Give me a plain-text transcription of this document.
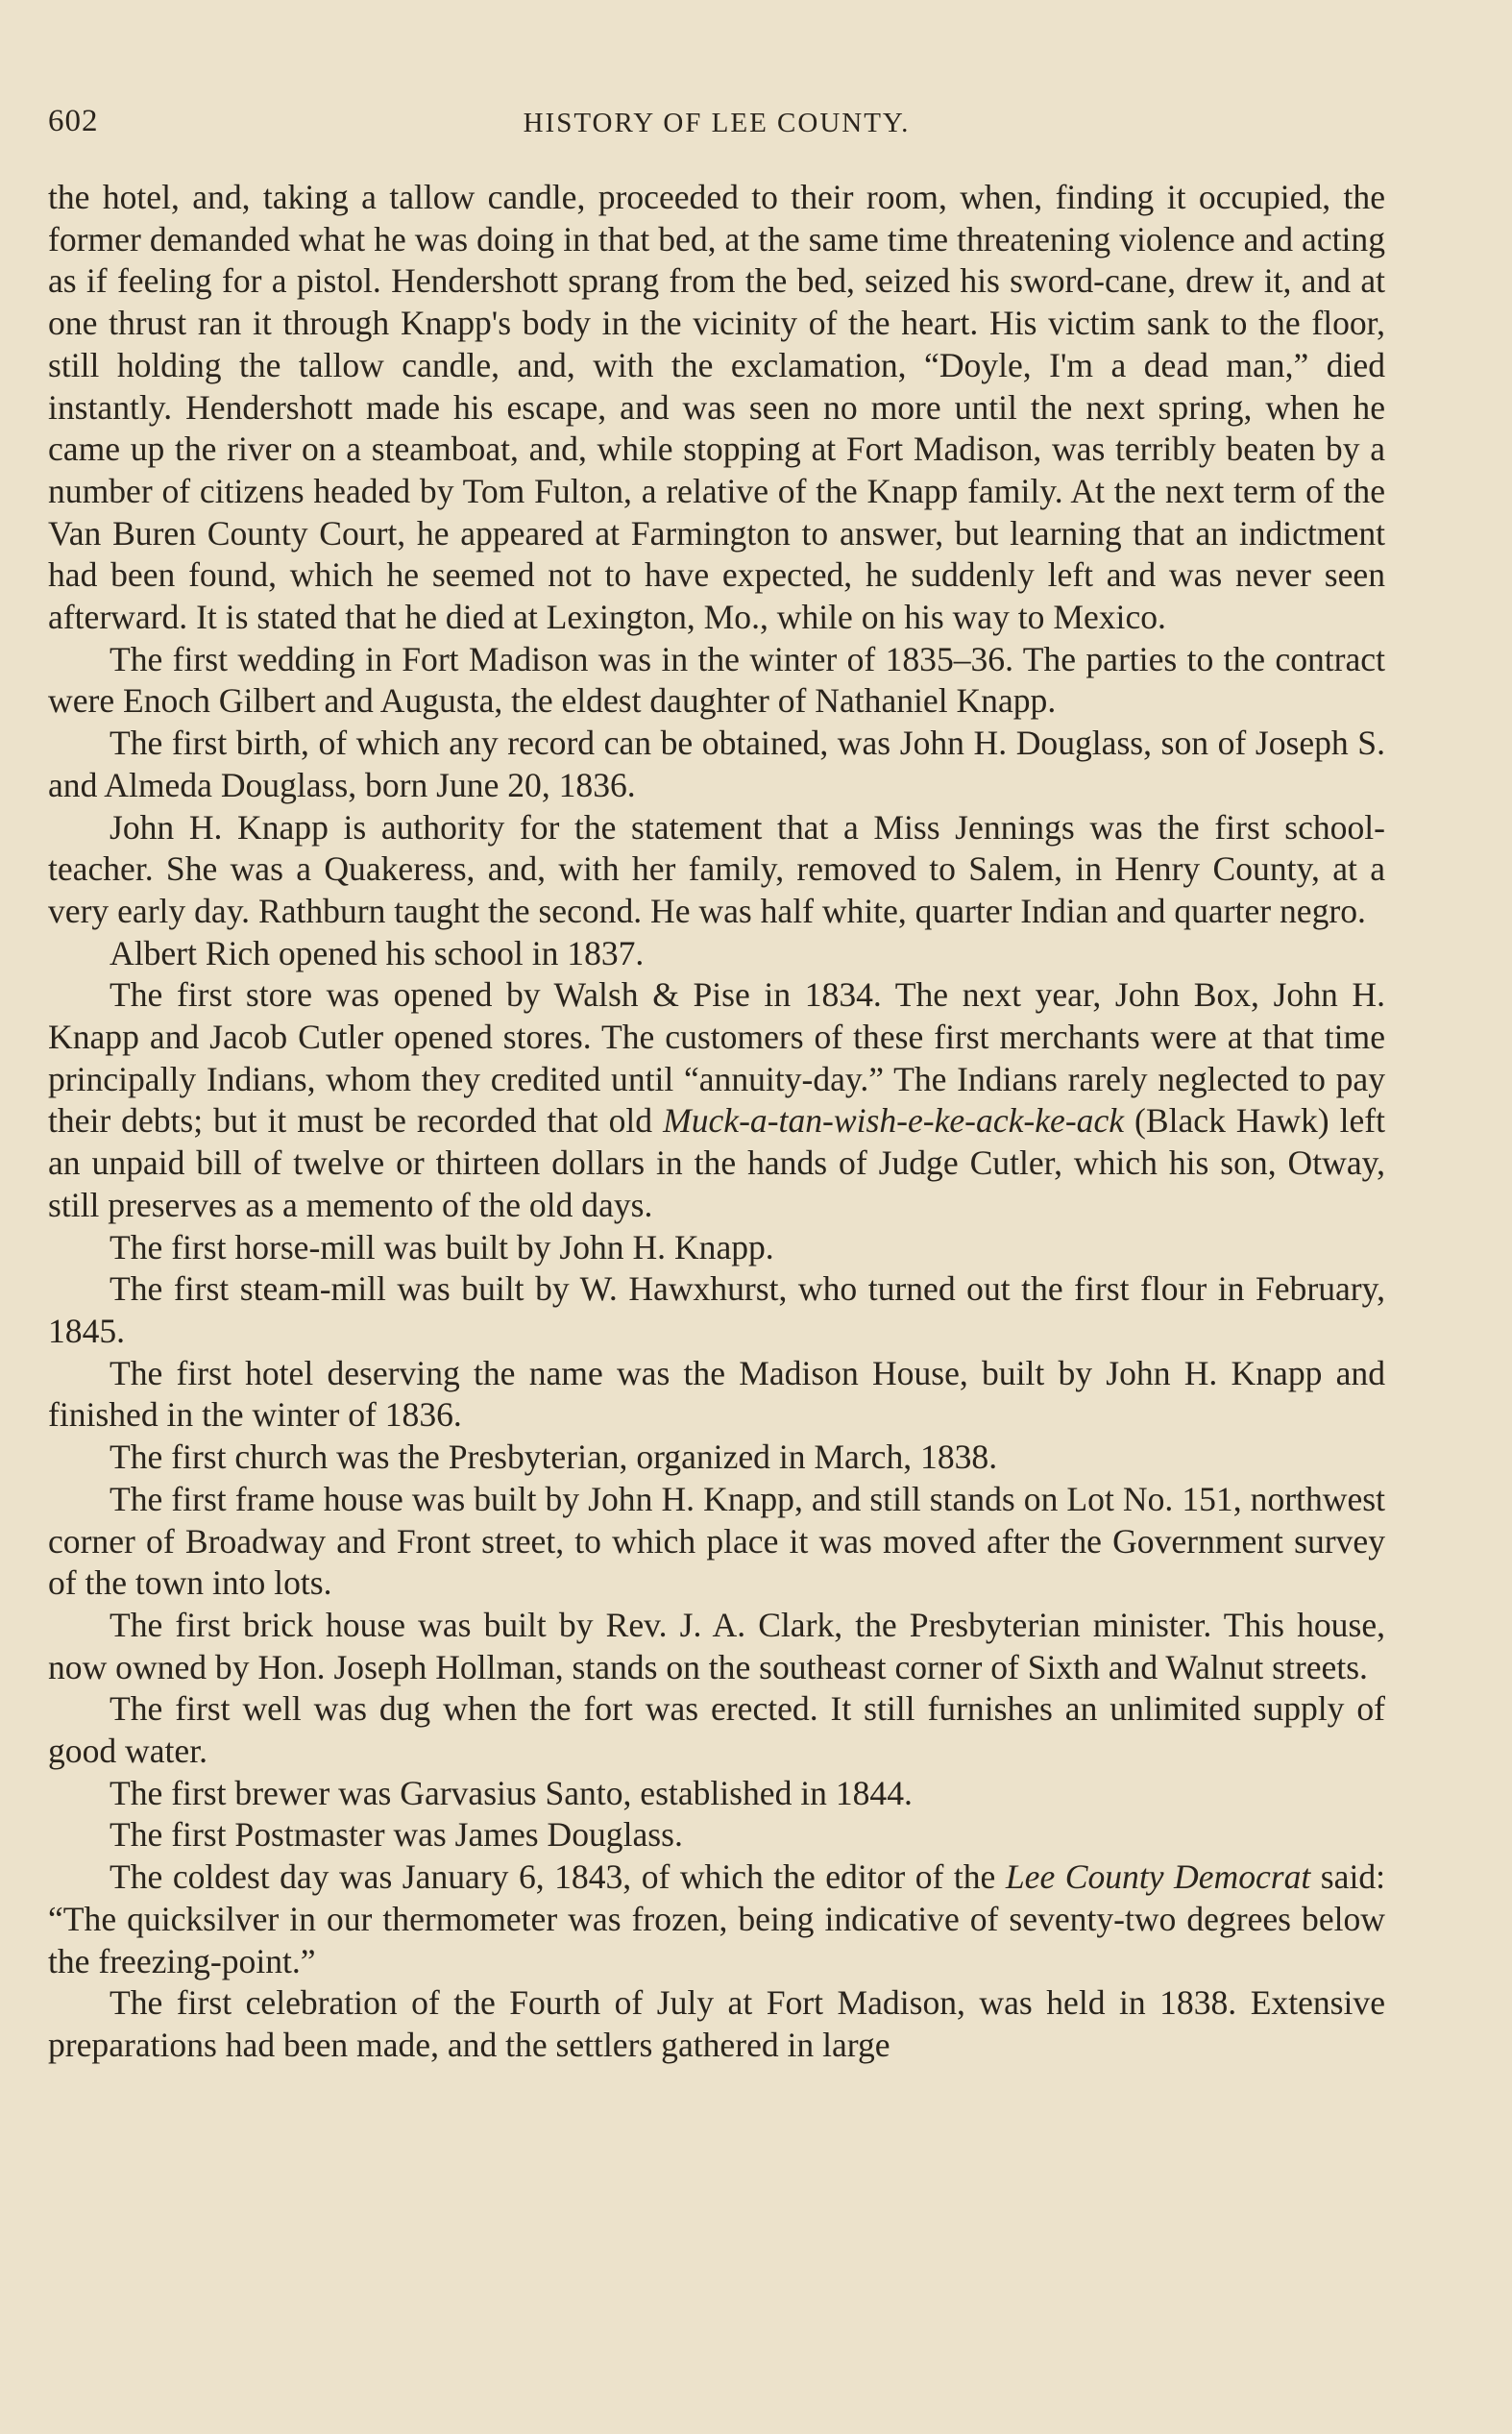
602	HISTORY OF LEE COUNTY.

the hotel, and, taking a tallow candle, proceeded to their room, when, finding it occupied, the former demanded what he was doing in that bed, at the same time threatening violence and acting as if feeling for a pistol. Hendershott sprang from the bed, seized his sword-cane, drew it, and at one thrust ran it through Knapp's body in the vicinity of the heart. His victim sank to the floor, still holding the tallow candle, and, with the exclamation, “Doyle, I'm a dead man,” died instantly. Hendershott made his escape, and was seen no more until the next spring, when he came up the river on a steamboat, and, while stopping at Fort Madison, was terribly beaten by a number of citizens headed by Tom Fulton, a relative of the Knapp family. At the next term of the Van Buren County Court, he appeared at Farmington to answer, but learning that an indictment had been found, which he seemed not to have expected, he suddenly left and was never seen afterward. It is stated that he died at Lexington, Mo., while on his way to Mexico.

The first wedding in Fort Madison was in the winter of 1835–36. The parties to the contract were Enoch Gilbert and Augusta, the eldest daughter of Nathaniel Knapp.

The first birth, of which any record can be obtained, was John H. Douglass, son of Joseph S. and Almeda Douglass, born June 20, 1836.

John H. Knapp is authority for the statement that a Miss Jennings was the first school-teacher. She was a Quakeress, and, with her family, removed to Salem, in Henry County, at a very early day. Rathburn taught the second. He was half white, quarter Indian and quarter negro.

Albert Rich opened his school in 1837.

The first store was opened by Walsh & Pise in 1834. The next year, John Box, John H. Knapp and Jacob Cutler opened stores. The customers of these first merchants were at that time principally Indians, whom they credited until “annuity-day.” The Indians rarely neglected to pay their debts; but it must be recorded that old Muck-a-tan-wish-e-ke-ack-ke-ack (Black Hawk) left an unpaid bill of twelve or thirteen dollars in the hands of Judge Cutler, which his son, Otway, still preserves as a memento of the old days.

The first horse-mill was built by John H. Knapp.

The first steam-mill was built by W. Hawxhurst, who turned out the first flour in February, 1845.

The first hotel deserving the name was the Madison House, built by John H. Knapp and finished in the winter of 1836.

The first church was the Presbyterian, organized in March, 1838.

The first frame house was built by John H. Knapp, and still stands on Lot No. 151, northwest corner of Broadway and Front street, to which place it was moved after the Government survey of the town into lots.

The first brick house was built by Rev. J. A. Clark, the Presbyterian minister. This house, now owned by Hon. Joseph Hollman, stands on the southeast corner of Sixth and Walnut streets.

The first well was dug when the fort was erected. It still furnishes an unlimited supply of good water.

The first brewer was Garvasius Santo, established in 1844.

The first Postmaster was James Douglass.

The coldest day was January 6, 1843, of which the editor of the Lee County Democrat said: “The quicksilver in our thermometer was frozen, being indicative of seventy-two degrees below the freezing-point.”

The first celebration of the Fourth of July at Fort Madison, was held in 1838. Extensive preparations had been made, and the settlers gathered in large
